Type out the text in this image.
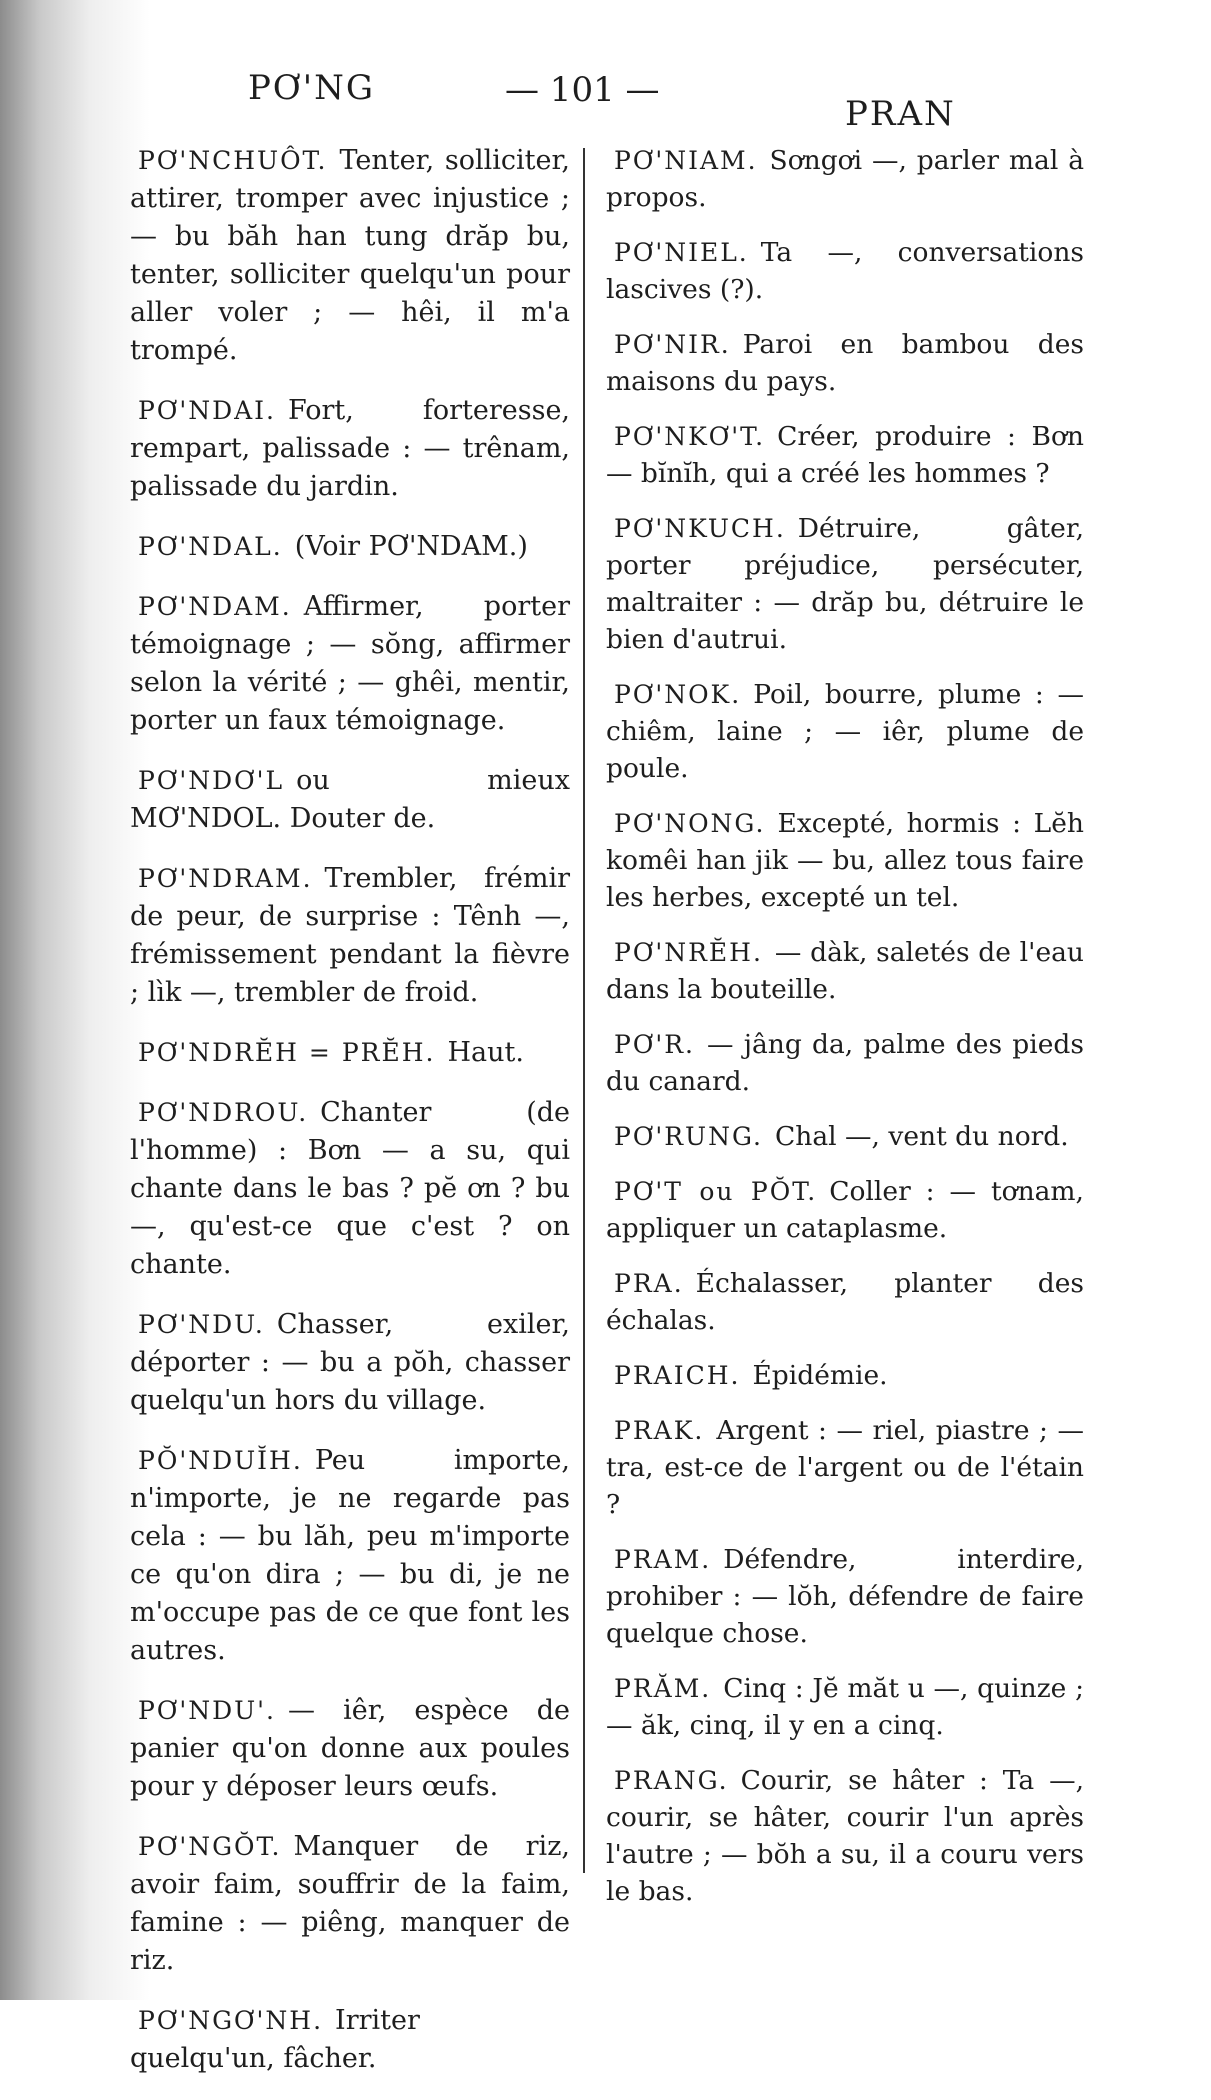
PƠ'NG	— 101 —
PRAN

PƠ'NCHUÔT. Tenter, solliciter, attirer, tromper avec injustice ; — bu băh han tung drăp bu, tenter, solliciter quelqu'un pour aller voler ; — hêi, il m'a trompé.

PƠ'NDAI. Fort, forteresse, rempart, palissade : — trênam, palissade du jardin.

PƠ'NDAL. (Voir PƠ'NDAM.)

PƠ'NDAM. Affirmer, porter témoignage ; — sŏng, affirmer selon la vérité ; — ghêi, mentir, porter un faux témoignage.

PƠ'NDƠ'L ou mieux MƠ'NDOL. Douter de.

PƠ'NDRAM. Trembler, frémir de peur, de surprise : Tênh —, frémissement pendant la fièvre ; lìk —, trembler de froid.

PƠ'NDRĔH = PRĔH. Haut.

PƠ'NDROU. Chanter (de l'homme) : Bơn — a su, qui chante dans le bas ? pĕ ơn ? bu —, qu'est-ce que c'est ? on chante.

PƠ'NDU. Chasser, exiler, déporter : — bu a pŏh, chasser quelqu'un hors du village.

PŎ'NDUĬH. Peu importe, n'importe, je ne regarde pas cela : — bu lăh, peu m'importe ce qu'on dira ; — bu di, je ne m'occupe pas de ce que font les autres.

PƠ'NDU'. — iêr, espèce de panier qu'on donne aux poules pour y déposer leurs œufs.

PƠ'NGŎT. Manquer de riz, avoir faim, souffrir de la faim, famine : — piêng, manquer de riz.

PƠ'NGƠ'NH. Irriter quelqu'un, fâcher.

PƠ'NIAM. Sơngơi —, parler mal à propos.

PƠ'NIEL. Ta —, conversations lascives (?).

PƠ'NIR. Paroi en bambou des maisons du pays.

PƠ'NKƠ'T. Créer, produire : Bơn — bĭnĭh, qui a créé les hommes ?

PƠ'NKUCH. Détruire, gâter, porter préjudice, persécuter, maltraiter : — drăp bu, détruire le bien d'autrui.

PƠ'NOK. Poil, bourre, plume : — chiêm, laine ; — iêr, plume de poule.

PƠ'NONG. Excepté, hormis : Lĕh komêi han jik — bu, allez tous faire les herbes, excepté un tel.

PƠ'NRĔH. — dàk, saletés de l'eau dans la bouteille.

PƠ'R. — jâng da, palme des pieds du canard.

PƠ'RUNG. Chal —, vent du nord.

PƠ'T ou PŎT. Coller : — tơnam, appliquer un cataplasme.

PRA. Échalasser, planter des échalas.

PRAICH. Épidémie.

PRAK. Argent : — riel, piastre ; — tra, est-ce de l'argent ou de l'étain ?

PRAM. Défendre, interdire, prohiber : — lŏh, défendre de faire quelque chose.

PRĂM. Cinq : Jĕ măt u —, quinze ; — ăk, cinq, il y en a cinq.

PRANG. Courir, se hâter : Ta —, courir, se hâter, courir l'un après l'autre ; — bŏh a su, il a couru vers le bas.
